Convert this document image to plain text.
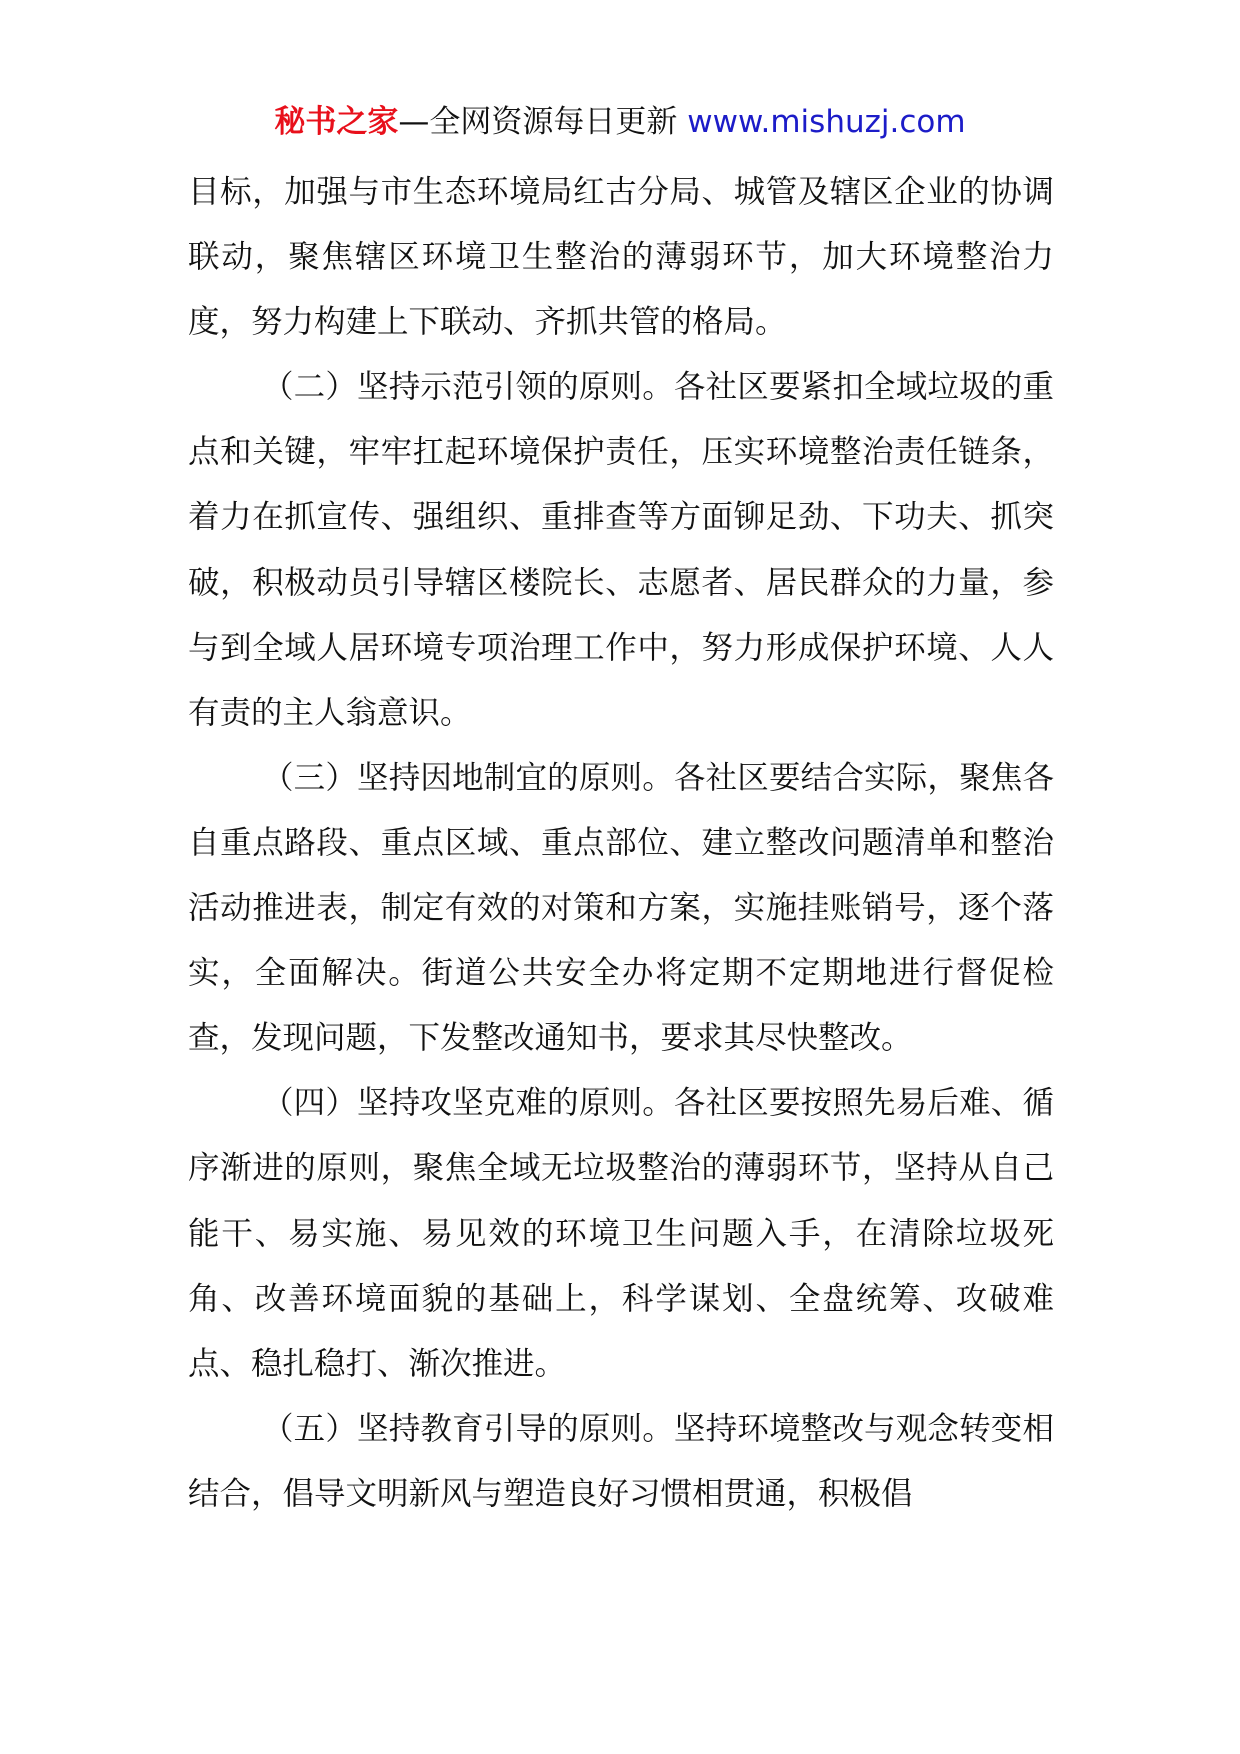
秘书之家—全网资源每日更新 www.mishuzj.com

目标，加强与市生态环境局红古分局、城管及辖区企业的协调联动，聚焦辖区环境卫生整治的薄弱环节，加大环境整治力度，努力构建上下联动、齐抓共管的格局。

（二）坚持示范引领的原则。各社区要紧扣全域垃圾的重点和关键，牢牢扛起环境保护责任，压实环境整治责任链条，着力在抓宣传、强组织、重排查等方面铆足劲、下功夫、抓突破，积极动员引导辖区楼院长、志愿者、居民群众的力量，参与到全域人居环境专项治理工作中，努力形成保护环境、人人有责的主人翁意识。

（三）坚持因地制宜的原则。各社区要结合实际，聚焦各自重点路段、重点区域、重点部位、建立整改问题清单和整治活动推进表，制定有效的对策和方案，实施挂账销号，逐个落实，全面解决。街道公共安全办将定期不定期地进行督促检查，发现问题，下发整改通知书，要求其尽快整改。

（四）坚持攻坚克难的原则。各社区要按照先易后难、循序渐进的原则，聚焦全域无垃圾整治的薄弱环节，坚持从自己能干、易实施、易见效的环境卫生问题入手，在清除垃圾死角、改善环境面貌的基础上，科学谋划、全盘统筹、攻破难点、稳扎稳打、渐次推进。

（五）坚持教育引导的原则。坚持环境整改与观念转变相结合，倡导文明新风与塑造良好习惯相贯通，积极倡
